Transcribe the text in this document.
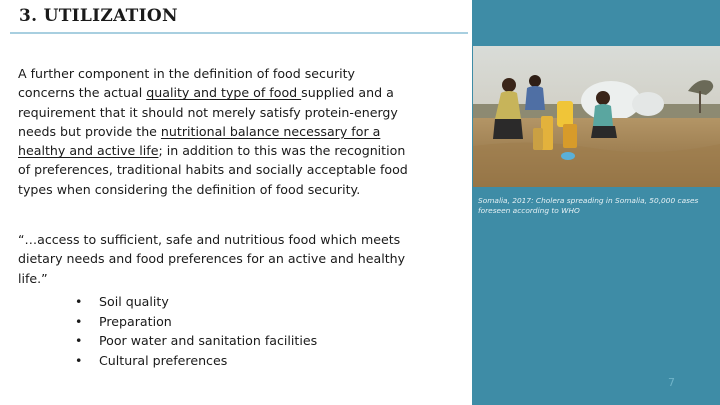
3. UTILIZATION

A further component in the definition of food security concerns the actual quality and type of food supplied and a requirement that it should not merely satisfy protein-energy needs but provide the nutritional balance necessary for a healthy and active life; in addition to this was the recognition of preferences, traditional habits and socially acceptable food types when considering the definition of food security.

“…access to sufficient, safe and nutritious food which meets dietary needs and food preferences for an active and healthy life.”

• Soil quality
• Preparation
• Poor water and sanitation facilities
• Cultural preferences
Somalia, 2017: Cholera spreading in Somalia, 50,000 cases foreseen according to WHO
7
